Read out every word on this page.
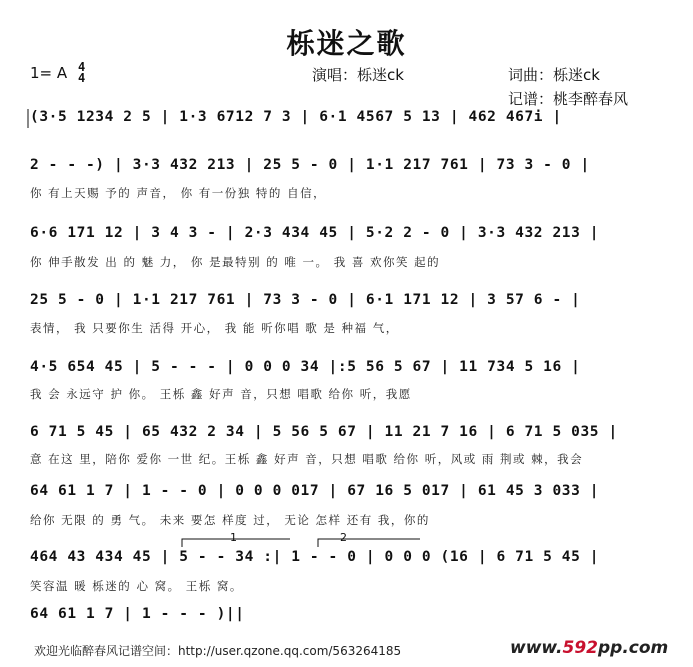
栎迷之歌
1= A 4
4	演唱：栎迷ck	词曲：栎迷ck
记谱：桃李醉春风
(3·5 1234 2 5 | 1·3 6712 7 3 | 6·1 4567 5 13 | 462 467i |
2 - - -) | 3·3 432 213 | 25 5 - 0 | 1·1 217 761 | 73 3 - 0 |
你 有上天赐 予的 声音， 你 有一份独 特的 自信，
6·6 171 12 | 3 4 3 - | 2·3 434 45 | 5·2 2 - 0 | 3·3 432 213 |
你 伸手散发 出 的 魅 力， 你 是最特别 的 唯 一。 我 喜 欢你笑 起的
25 5 - 0 | 1·1 217 761 | 73 3 - 0 | 6·1 171 12 | 3 57 6 - |
表情， 我 只要你生 活得 开心， 我 能 听你唱 歌 是 种福 气，
4·5 654 45 | 5 - - - | 0 0 0 34 |:5 56 5 67 | 11 734 5 16 |
我 会 永远守 护 你。 王栎 鑫 好声 音，只想 唱歌 给你 听，我愿
6 71 5 45 | 65 432 2 34 | 5 56 5 67 | 11 21 7 16 | 6 71 5 035 |
意 在这 里，陪你 爱你 一世 纪。王栎 鑫 好声 音，只想 唱歌 给你 听，风或 雨 荆或 棘，我会
64 61 1 7 | 1 - - 0 | 0 0 0 017 | 67 16 5 017 | 61 45 3 033 |
给你 无限 的 勇 气。 未来 要怎 样度 过， 无论 怎样 还有 我，你的
1	2
464 43 434 45 | 5 - - 34 :| 1 - - 0 | 0 0 0 (16 | 6 71 5 45 |
笑容温 暖 栎迷的 心 窝。 王栎 窝。
64 61 1 7 | 1 - - - )||
欢迎光临醉春风记谱空间：http://user.qzone.qq.com/563264185	www.592pp.com
